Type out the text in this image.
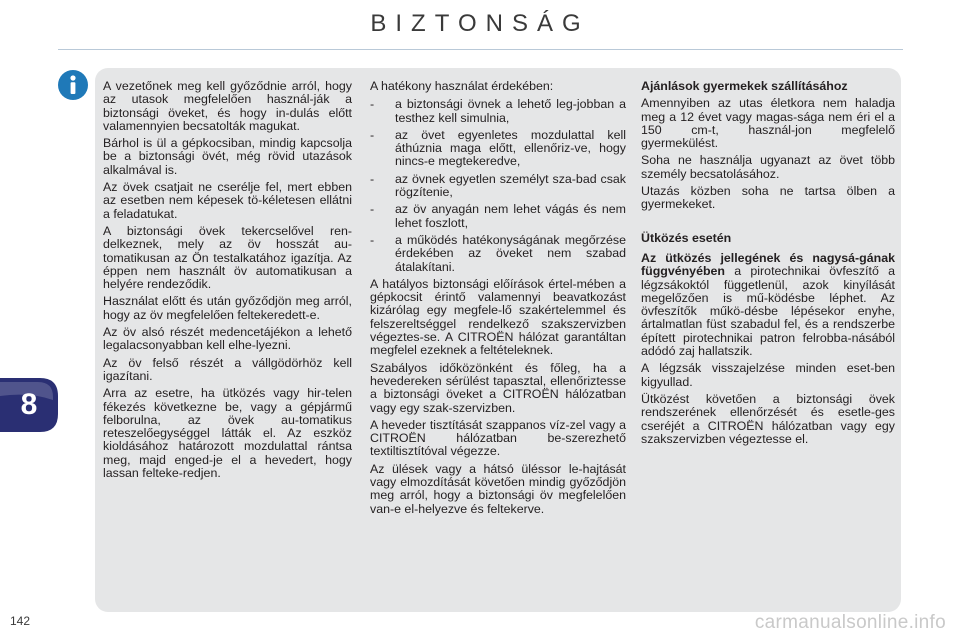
BIZTONSÁG

A vezetőnek meg kell győződnie arról, hogy az utasok megfelelően használ-ják a biztonsági öveket, és hogy in-dulás előtt valamennyien becsatolták magukat.

Bárhol is ül a gépkocsiban, mindig kapcsolja be a biztonsági övét, még rövid utazások alkalmával is.

Az övek csatjait ne cserélje fel, mert ebben az esetben nem képesek tö-kéletesen ellátni a feladatukat.

A biztonsági övek tekercselővel ren-delkeznek, mely az öv hosszát au-tomatikusan az Ön testalkatához igazítja. Az éppen nem használt öv automatikusan a helyére rendeződik.

Használat előtt és után győződjön meg arról, hogy az öv megfelelően feltekeredett-e.

Az öv alsó részét medencetájékon a lehető legalacsonyabban kell elhe-lyezni.

Az öv felső részét a vállgödörhöz kell igazítani.

Arra az esetre, ha ütközés vagy hir-telen fékezés következne be, vagy a gépjármű felborulna, az övek au-tomatikus reteszelőegységgel látták el. Az eszköz kioldásához határozott mozdulattal rántsa meg, majd enged-je el a hevedert, hogy lassan felteke-redjen.

A hatékony használat érdekében:

- a biztonsági övnek a lehető leg-jobban a testhez kell simulnia,
- az övet egyenletes mozdulattal kell áthúznia maga előtt, ellenőriz-ve, hogy nincs-e megtekeredve,
- az övnek egyetlen személyt sza-bad csak rögzítenie,
- az öv anyagán nem lehet vágás és nem lehet foszlott,
- a működés hatékonyságának megőrzése érdekében az öveket nem szabad átalakítani.

A hatályos biztonsági előírások értel-mében a gépkocsit érintő valamennyi beavatkozást kizárólag egy megfele-lő szakértelemmel és felszereltséggel rendelkező szakszervizben végeztes-se. A CITROËN hálózat garantáltan megfelel ezeknek a feltételeknek.

Szabályos időközönként és főleg, ha a hevedereken sérülést tapasztal, ellenőriztesse a biztonsági öveket a CITROËN hálózatban vagy egy szak-szervizben.

A heveder tisztítását szappanos víz-zel vagy a CITROËN hálózatban be-szerezhető textiltisztítóval végezze.

Az ülések vagy a hátsó üléssor le-hajtását vagy elmozdítását követően mindig győződjön meg arról, hogy a biztonsági öv megfelelően van-e el-helyezve és feltekerve.

Ajánlások gyermekek szállításához

Amennyiben az utas életkora nem haladja meg a 12 évet vagy magas-sága nem éri el a 150 cm-t, használ-jon megfelelő gyermekülést.

Soha ne használja ugyanazt az övet több személy becsatolásához.

Utazás közben soha ne tartsa ölben a gyermekeket.

Ütközés esetén

Az ütközés jellegének és nagysá-gának függvényében a pirotechnikai övfeszítő a légzsákoktól függetlenül, azok kinyílását megelőzően is mű-ködésbe léphet. Az övfeszítők műkö-désbe lépésekor enyhe, ártalmatlan füst szabadul fel, és a rendszerbe épített pirotechnikai patron felrobba-násából adódó zaj hallatszik.

A légzsák visszajelzése minden eset-ben kigyullad.

Ütközést követően a biztonsági övek rendszerének ellenőrzését és esetle-ges cseréjét a CITROËN hálózatban vagy egy szakszervizben végeztesse el.

8
142	carmanualsonline.info
